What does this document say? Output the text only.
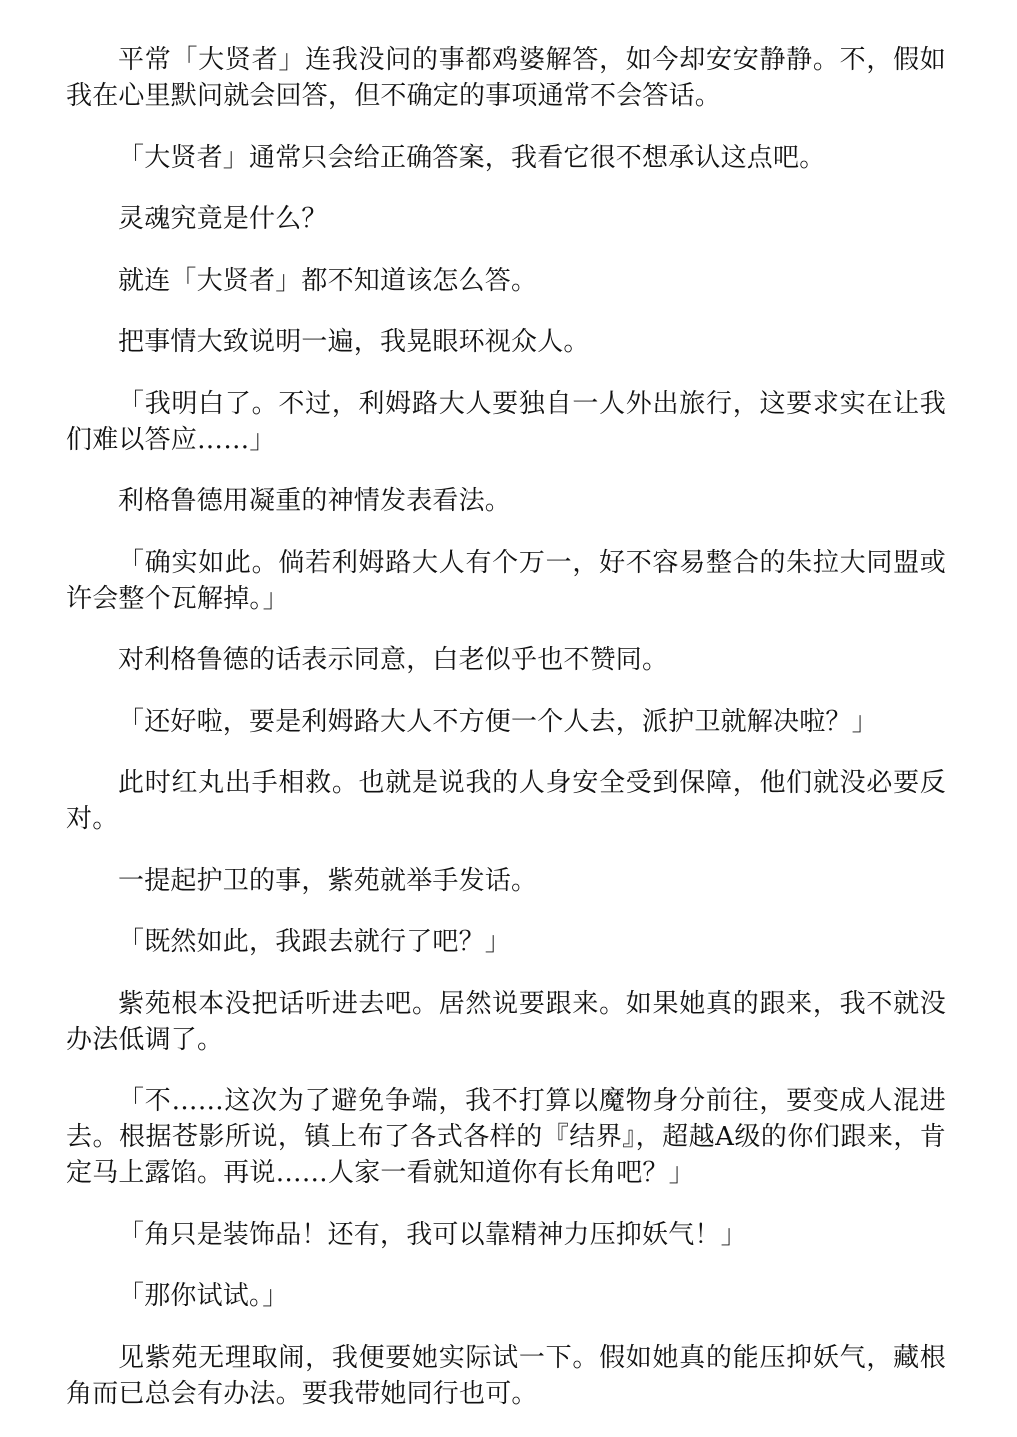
平常「大贤者」连我没问的事都鸡婆解答，如今却安安静静。不，假如我在心里默问就会回答，但不确定的事项通常不会答话。

「大贤者」通常只会给正确答案，我看它很不想承认这点吧。

灵魂究竟是什么？

就连「大贤者」都不知道该怎么答。

把事情大致说明一遍，我晃眼环视众人。

「我明白了。不过，利姆路大人要独自一人外出旅行，这要求实在让我们难以答应……」

利格鲁德用凝重的神情发表看法。

「确实如此。倘若利姆路大人有个万一，好不容易整合的朱拉大同盟或许会整个瓦解掉。」

对利格鲁德的话表示同意，白老似乎也不赞同。

「还好啦，要是利姆路大人不方便一个人去，派护卫就解决啦？」

此时红丸出手相救。也就是说我的人身安全受到保障，他们就没必要反对。

一提起护卫的事，紫苑就举手发话。

「既然如此，我跟去就行了吧？」

紫苑根本没把话听进去吧。居然说要跟来。如果她真的跟来，我不就没办法低调了。

「不……这次为了避免争端，我不打算以魔物身分前往，要变成人混进去。根据苍影所说，镇上布了各式各样的『结界』，超越A级的你们跟来，肯定马上露馅。再说……人家一看就知道你有长角吧？」

「角只是装饰品！还有，我可以靠精神力压抑妖气！」

「那你试试。」

见紫苑无理取闹，我便要她实际试一下。假如她真的能压抑妖气，藏根角而已总会有办法。要我带她同行也可。
